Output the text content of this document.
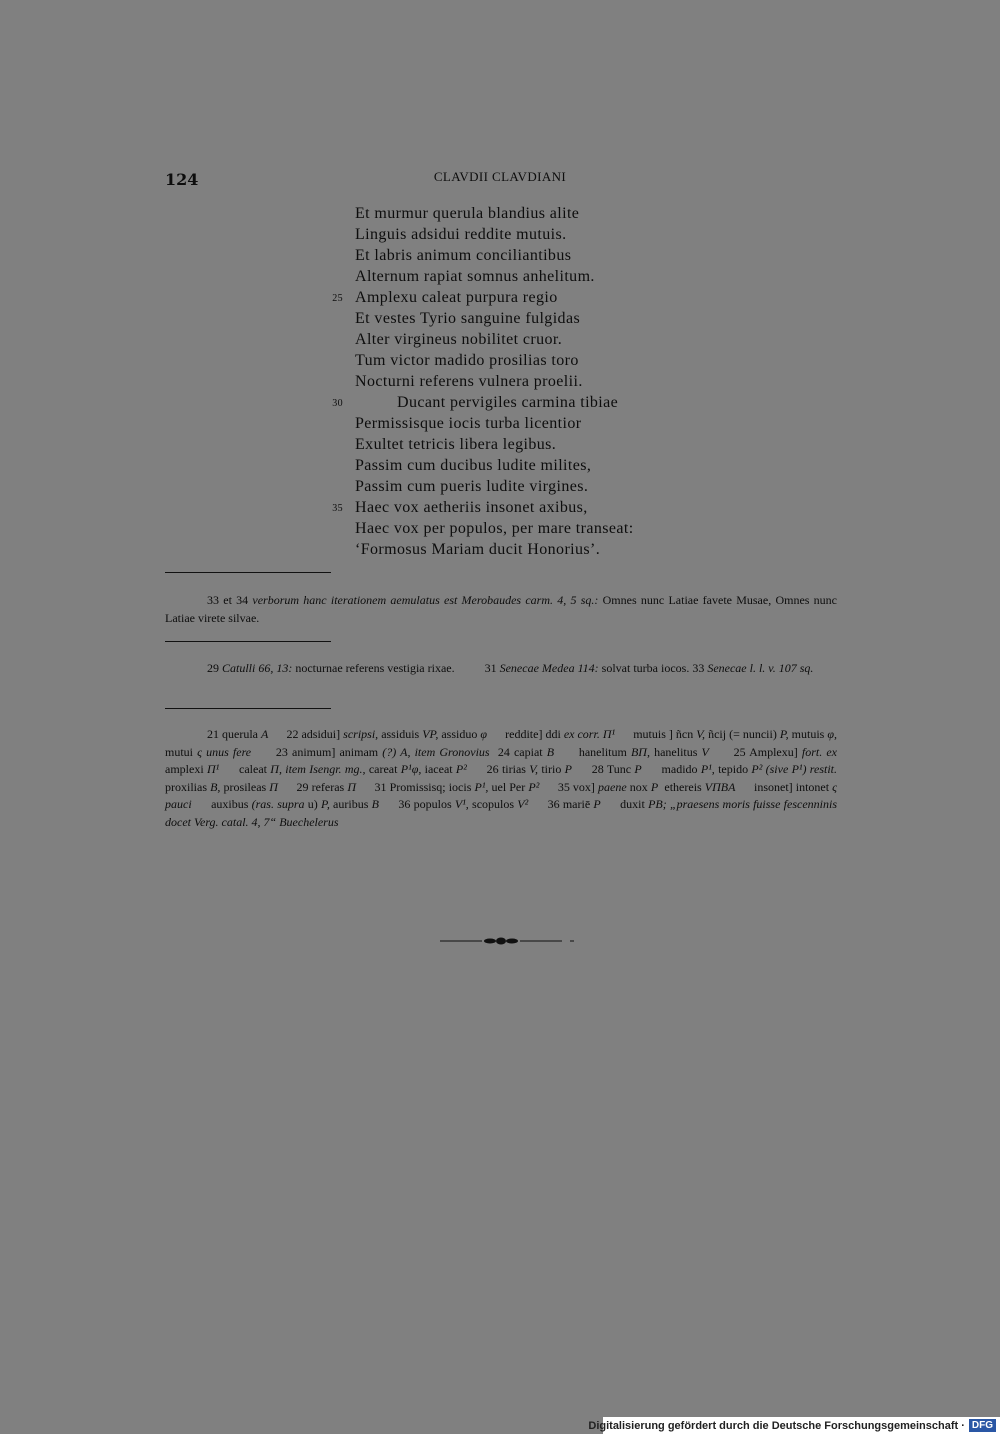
124	CLAVDII CLAVDIANI
Et murmur querula blandius alite
Linguis adsidui reddite mutuis.
Et labris animum conciliantibus
Alternum rapiat somnus anhelitum.
25 Amplexu caleat purpura regio
Et vestes Tyrio sanguine fulgidas
Alter virgineus nobilitet cruor.
Tum victor madido prosilias toro
Nocturni referens vulnera proelii.
30	Ducant pervigiles carmina tibiae
Permissisque iocis turba licentior
Exultet tetricis libera legibus.
Passim cum ducibus ludite milites,
Passim cum pueris ludite virgines.
35 Haec vox aetheriis insonet axibus,
Haec vox per populos, per mare transeat:
‘Formosus Mariam ducit Honorius’.

33 et 34 verborum hanc iterationem aemulatus est Merobaudes carm. 4, 5 sq.: Omnes nunc Latiae favete Musae, Omnes nunc Latiae virete silvae.

29 Catulli 66, 13: nocturnae referens vestigia rixae.          31 Senecae Medea 114: solvat turba iocos. 33 Senecae l. l. v. 107 sq.

21 querula A      22 adsidui] scripsi, assiduis VP, assiduo φ      reddite] ddi ex corr. Π¹      mutuis ] ñcn V, ñcij (= nuncii) P, mutuis φ, mutui ς unus fere      23 animum] animam (?) A, item Gronovius  24 capiat B      hanelitum BΠ, hanelitus V      25 Amplexu] fort. ex amplexi Π¹      caleat Π, item Isengr. mg., careat P¹φ, iaceat P²      26 tirias V, tirio P      28 Tunc P      madido P¹, tepido P² (sive P¹) restit.  proxilias B, prosileas Π      29 referas Π      31 Promissisq; iocis P¹, uel Per P²      35 vox] paene nox P  ethereis VΠBA      insonet] intonet ς pauci      auxibus (ras. supra u) P, auribus B      36 populos V¹, scopulos V²      36 mariē P      duxit PB; „praesens moris fuisse fescenninis docet Verg. catal. 4, 7“ Buechelerus

Digitalisierung gefördert durch die Deutsche Forschungsgemeinschaft · DFG
